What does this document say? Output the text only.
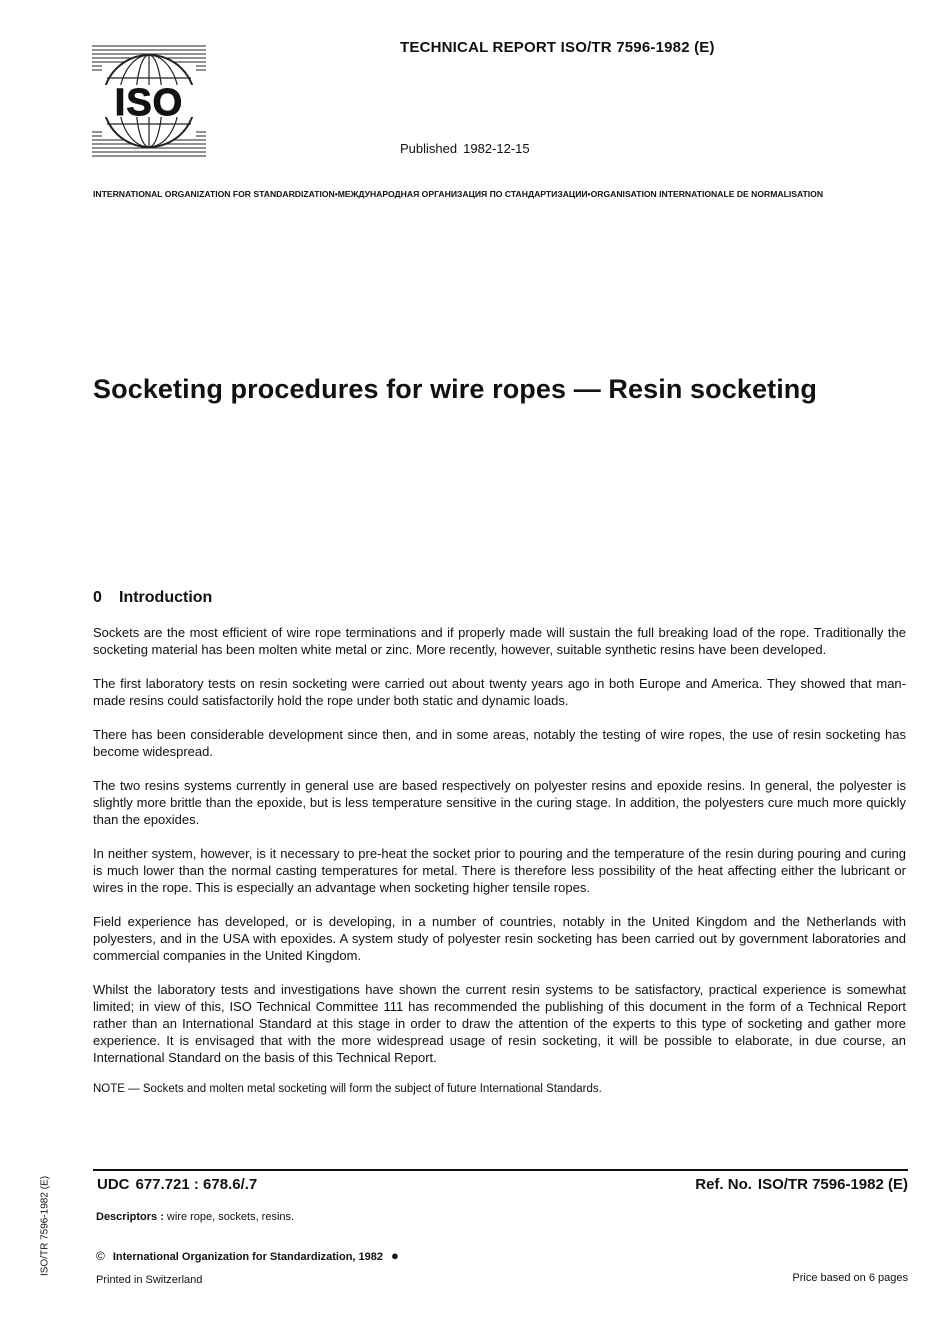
ISO
TECHNICAL REPORT ISO/TR 7596-1982 (E)
Published 1982-12-15
INTERNATIONAL ORGANIZATION FOR STANDARDIZATION•МЕЖДУНАРОДНАЯ ОРГАНИЗАЦИЯ ПО СТАНДАРТИЗАЦИИ•ORGANISATION INTERNATIONALE DE NORMALISATION
Socketing procedures for wire ropes — Resin socketing
0 Introduction

Sockets are the most efficient of wire rope terminations and if properly made will sustain the full breaking load of the rope. Traditionally the socketing material has been molten white metal or zinc. More recently, however, suitable synthetic resins have been developed.

The first laboratory tests on resin socketing were carried out about twenty years ago in both Europe and America. They showed that man-made resins could satisfactorily hold the rope under both static and dynamic loads.

There has been considerable development since then, and in some areas, notably the testing of wire ropes, the use of resin socketing has become widespread.

The two resins systems currently in general use are based respectively on polyester resins and epoxide resins. In general, the polyester is slightly more brittle than the epoxide, but is less temperature sensitive in the curing stage. In addition, the polyesters cure much more quickly than the epoxides.

In neither system, however, is it necessary to pre-heat the socket prior to pouring and the temperature of the resin during pouring and curing is much lower than the normal casting temperatures for metal. There is therefore less possibility of the heat affecting either the lubricant or wires in the rope. This is especially an advantage when socketing higher tensile ropes.

Field experience has developed, or is developing, in a number of countries, notably in the United Kingdom and the Netherlands with polyesters, and in the USA with epoxides. A system study of polyester resin socketing has been carried out by government laboratories and commercial companies in the United Kingdom.

Whilst the laboratory tests and investigations have shown the current resin systems to be satisfactory, practical experience is somewhat limited; in view of this, ISO Technical Committee 111 has recommended the publishing of this document in the form of a Technical Report rather than an International Standard at this stage in order to draw the attention of the experts to this type of socketing and gather more experience. It is envisaged that with the more widespread usage of resin socketing, it will be possible to elaborate, in due course, an International Standard on the basis of this Technical Report.

NOTE — Sockets and molten metal socketing will form the subject of future International Standards.

ISO/TR 7596-1982 (E)	UDC 677.721 : 678.6/.7	Ref. No. ISO/TR 7596-1982 (E)
Descriptors : wire rope, sockets, resins.
© International Organization for Standardization, 1982 ●
Printed in Switzerland	Price based on 6 pages
